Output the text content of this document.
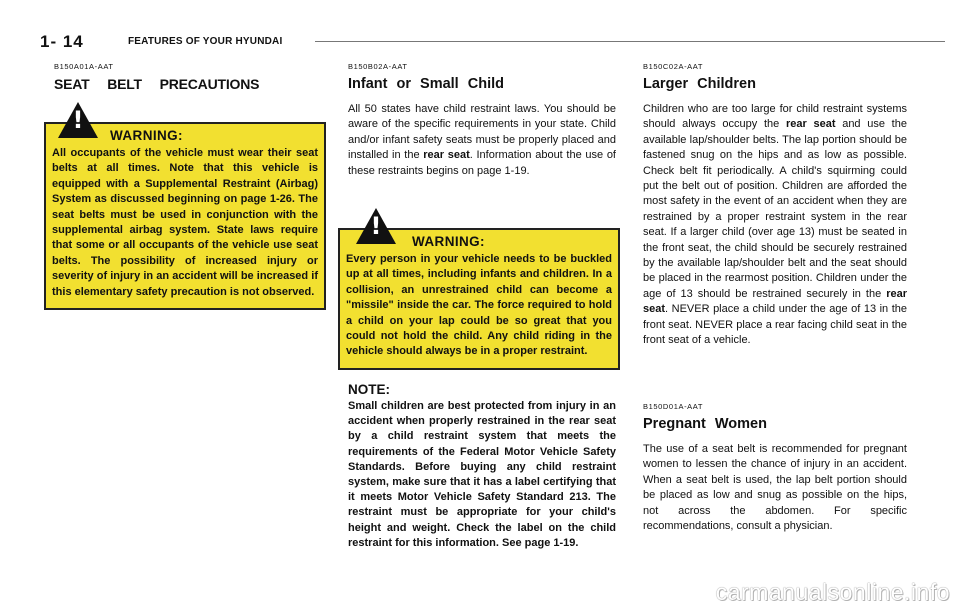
1- 14	FEATURES OF YOUR HYUNDAI
B150A01A-AAT
SEAT BELT PRECAUTIONS
!
WARNING:
All occupants of the vehicle must wear their seat belts at all times. Note that this vehicle is equipped with a Supplemental Restraint (Airbag) System as discussed beginning on page 1-26. The seat belts must be used in conjunction with the supplemental airbag system. State laws require that some or all occupants of the vehicle use seat belts. The possibility of increased injury or severity of injury in an accident will be increased if this elementary safety precaution is not observed.
B150B02A-AAT
Infant or Small Child
All 50 states have child restraint laws. You should be aware of the specific requirements in your state. Child and/or infant safety seats must be properly placed and installed in the rear seat. Information about the use of these restraints begins on page 1-19.
!
WARNING:
Every person in your vehicle needs to be buckled up at all times, including infants and children. In a collision, an unrestrained child can become a "missile" inside the car. The force required to hold a child on your lap could be so great that you could not hold the child. Any child riding in the vehicle should always be in a proper restraint.
NOTE:
Small children are best protected from injury in an accident when properly restrained in the rear seat by a child restraint system that meets the requirements of the Federal Motor Vehicle Safety Standards. Before buying any child restraint system, make sure that it has a label certifying that it meets Motor Vehicle Safety Standard 213. The restraint must be appropriate for your child's height and weight. Check the label on the child restraint for this information. See page 1-19.
B150C02A-AAT
Larger Children
Children who are too large for child restraint systems should always occupy the rear seat and use the available lap/shoulder belts. The lap portion should be fastened snug on the hips and as low as possible. Check belt fit periodically. A child's squirming could put the belt out of position. Children are afforded the most safety in the event of an accident when they are restrained by a proper restraint system in the rear seat. If a larger child (over age 13) must be seated in the front seat, the child should be securely restrained by the available lap/shoulder belt and the seat should be placed in the rearmost position. Children under the age of 13 should be restrained securely in the rear seat. NEVER place a child under the age of 13 in the front seat. NEVER place a rear facing child seat in the front seat of a vehicle.
B150D01A-AAT
Pregnant Women
The use of a seat belt is recommended for pregnant women to lessen the chance of injury in an accident. When a seat belt is used, the lap belt portion should be placed as low and snug as possible on the hips, not across the abdomen. For specific recommendations, consult a physician.
carmanualsonline.info
